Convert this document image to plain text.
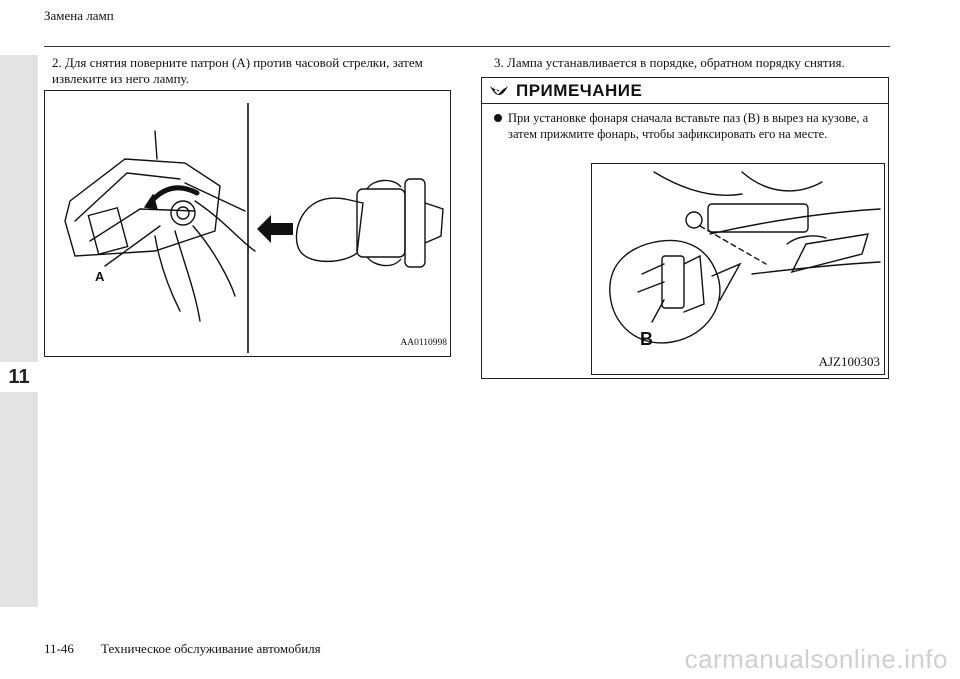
11
Замена ламп
2. Для снятия поверните патрон (A) против часовой стрелки, затем извлеките из него лампу.
A
AA0110998
3. Лампа устанавливается в порядке, обратном порядку снятия.
ПРИМЕЧАНИЕ
При установке фонаря сначала вставьте паз (B) в вырез на кузове, а затем прижмите фонарь, чтобы зафиксировать его на месте.
B
AJZ100303
11-46 Техническое обслуживание автомобиля	carmanualsonline.info
